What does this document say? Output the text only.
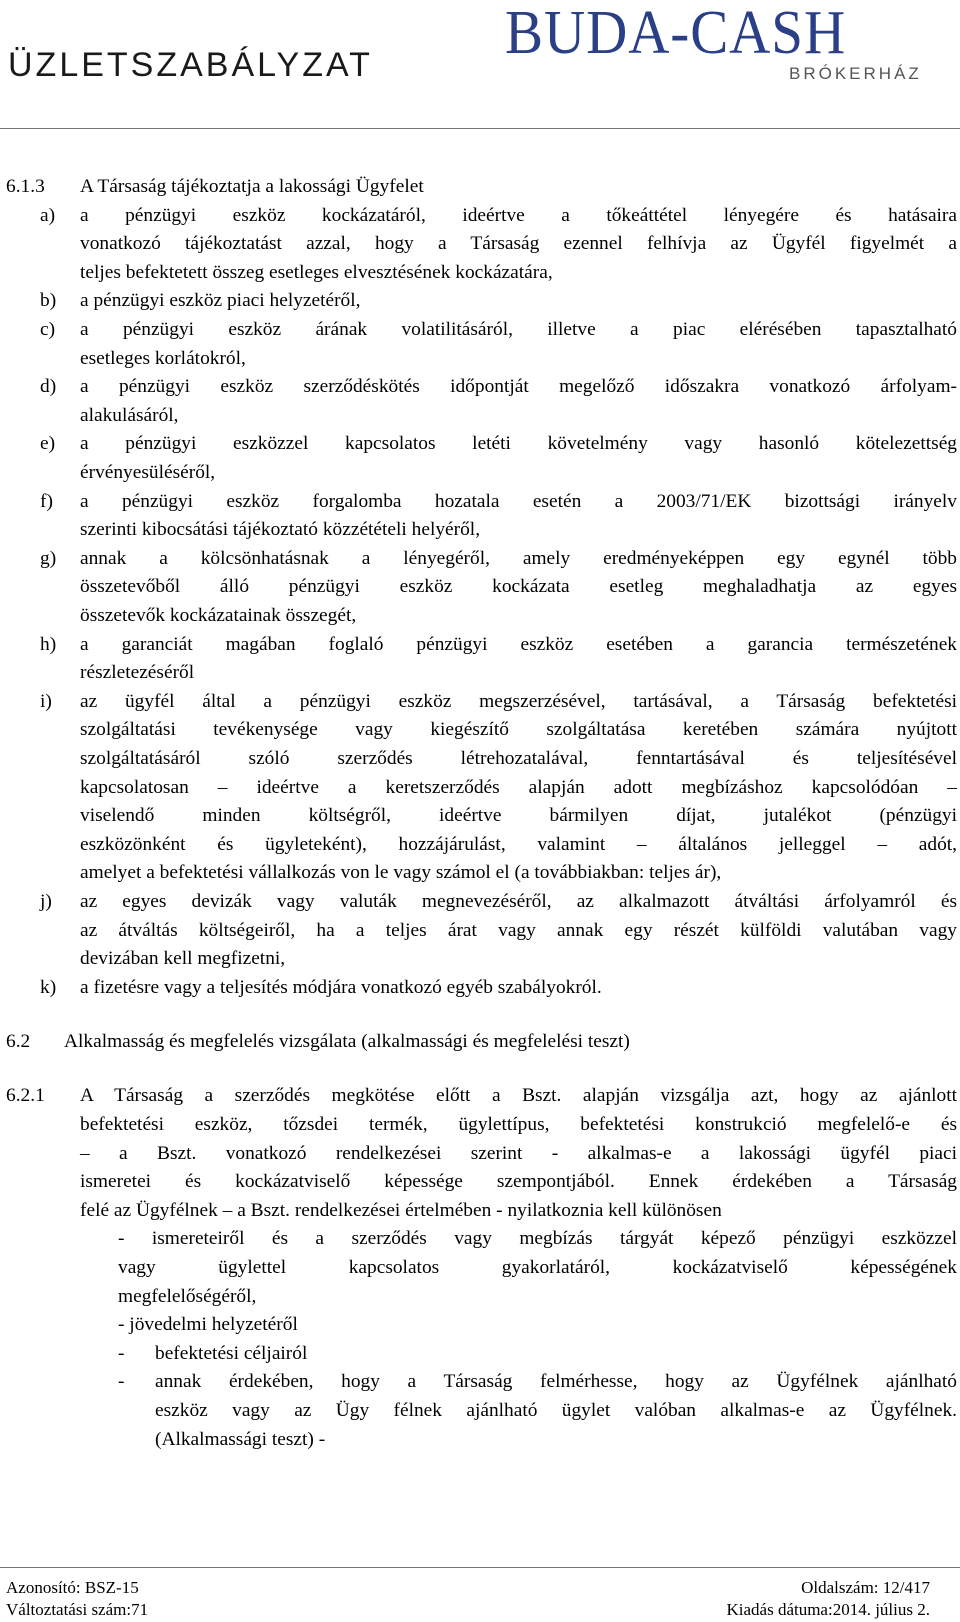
ÜZLETSZABÁLYZAT BUDA-CASH
BRÓKERHÁZ
6.1.3 A Társaság tájékoztatja a lakossági Ügyfelet
a) a pénzügyi eszköz kockázatáról, ideértve a tőkeáttétel lényegére és hatásaira
vonatkozó tájékoztatást azzal, hogy a Társaság ezennel felhívja az Ügyfél figyelmét a
teljes befektetett összeg esetleges elvesztésének kockázatára,
b) a pénzügyi eszköz piaci helyzetéről,
c) a pénzügyi eszköz árának volatilitásáról, illetve a piac elérésében tapasztalható
esetleges korlátokról,
d) a pénzügyi eszköz szerződéskötés időpontját megelőző időszakra vonatkozó árfolyam-
alakulásáról,
e) a pénzügyi eszközzel kapcsolatos letéti követelmény vagy hasonló kötelezettség
érvényesüléséről,
f) a pénzügyi eszköz forgalomba hozatala esetén a 2003/71/EK bizottsági irányelv
szerinti kibocsátási tájékoztató közzétételi helyéről,
g) annak a kölcsönhatásnak a lényegéről, amely eredményeképpen egy egynél több
összetevőből álló pénzügyi eszköz kockázata esetleg meghaladhatja az egyes
összetevők kockázatainak összegét,
h) a garanciát magában foglaló pénzügyi eszköz esetében a garancia természetének
részletezéséről
i) az ügyfél által a pénzügyi eszköz megszerzésével, tartásával, a Társaság befektetési
szolgáltatási tevékenysége vagy kiegészítő szolgáltatása keretében számára nyújtott
szolgáltatásáról szóló szerződés létrehozatalával, fenntartásával és teljesítésével
kapcsolatosan – ideértve a keretszerződés alapján adott megbízáshoz kapcsolódóan –
viselendő minden költségről, ideértve bármilyen díjat, jutalékot (pénzügyi
eszközönként és ügyleteként), hozzájárulást, valamint – általános jelleggel – adót,
amelyet a befektetési vállalkozás von le vagy számol el (a továbbiakban: teljes ár),
j) az egyes devizák vagy valuták megnevezéséről, az alkalmazott átváltási árfolyamról és
az átváltás költségeiről, ha a teljes árat vagy annak egy részét külföldi valutában vagy
devizában kell megfizetni,
k) a fizetésre vagy a teljesítés módjára vonatkozó egyéb szabályokról.
6.2 Alkalmasság és megfelelés vizsgálata (alkalmassági és megfelelési teszt)
6.2.1 A Társaság a szerződés megkötése előtt a Bszt. alapján vizsgálja azt, hogy az ajánlott
befektetési eszköz, tőzsdei termék, ügylettípus, befektetési konstrukció megfelelő-e és
– a Bszt. vonatkozó rendelkezései szerint - alkalmas-e a lakossági ügyfél piaci
ismeretei és kockázatviselő képessége szempontjából. Ennek érdekében a Társaság
felé az Ügyfélnek – a Bszt. rendelkezései értelmében - nyilatkoznia kell különösen
- ismereteiről és a szerződés vagy megbízás tárgyát képező pénzügyi eszközzel
vagy ügylettel kapcsolatos gyakorlatáról, kockázatviselő képességének
megfelelőségéről,
- jövedelmi helyzetéről
- befektetési céljairól
- annak érdekében, hogy a Társaság felmérhesse, hogy az Ügyfélnek ajánlható
eszköz vagy az Ügy félnek ajánlható ügylet valóban alkalmas-e az Ügyfélnek.
(Alkalmassági teszt) -
Azonosító: BSZ-15	Oldalszám: 12/417
Változtatási szám:71	Kiadás dátuma:2014. július 2.
